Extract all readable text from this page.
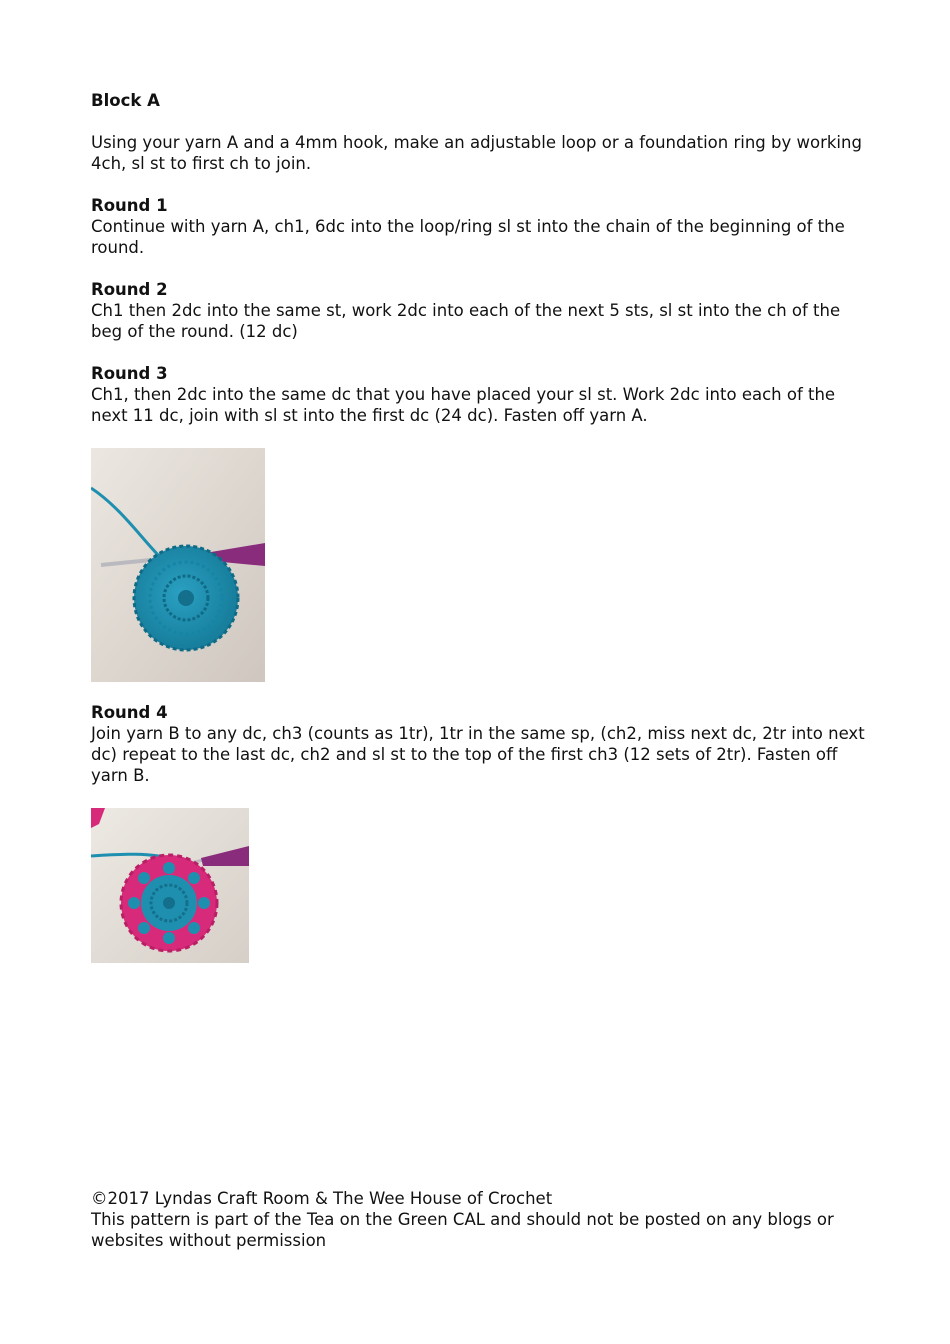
Block A

Using your yarn A and a 4mm hook, make an adjustable loop or a foundation ring by working 4ch, sl st to first ch to join.

Round 1

Continue with yarn A, ch1, 6dc into the loop/ring sl st into the chain of the beginning of the round.

Round 2

Ch1 then 2dc into the same st, work 2dc into each of the next 5 sts, sl st into the ch of the beg of the round. (12 dc)

Round 3

Ch1, then 2dc into the same dc that you have placed your sl st. Work 2dc into each of the next 11 dc, join with sl st into the first dc (24 dc). Fasten off yarn A.

Round 4

Join yarn B to any dc, ch3 (counts as 1tr), 1tr in the same sp, (ch2, miss next dc, 2tr into next dc) repeat to the last dc, ch2 and sl st to the top of the first ch3 (12 sets of 2tr). Fasten off yarn B.

©2017 Lyndas Craft Room & The Wee House of Crochet

This pattern is part of the Tea on the Green CAL and should not be posted on any blogs or websites without permission
